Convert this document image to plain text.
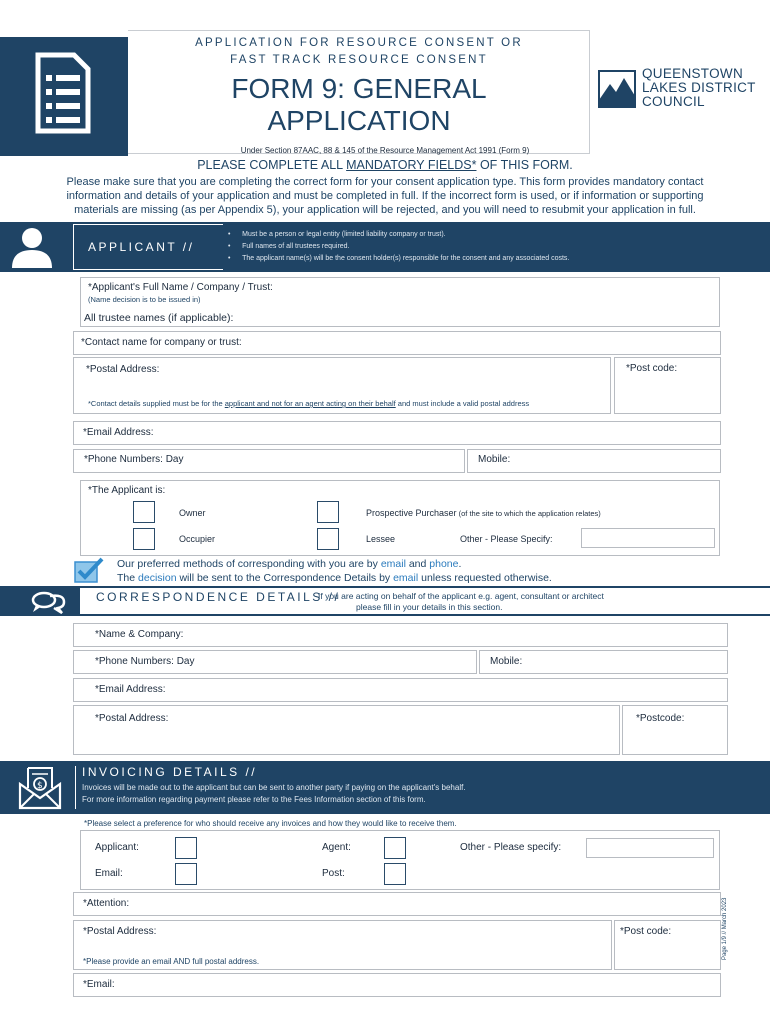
APPLICATION FOR RESOURCE CONSENT OR
FAST TRACK RESOURCE CONSENT
FORM 9: GENERAL
APPLICATION
QUEENSTOWN
LAKES DISTRICT
COUNCIL
Under Section 87AAC, 88 & 145 of the Resource Management Act 1991 (Form 9)
PLEASE COMPLETE ALL MANDATORY FIELDS* OF THIS FORM.
Please make sure that you are completing the correct form for your consent application type. This form provides mandatory contact
information and details of your application and must be completed in full. If the incorrect form is used, or if information or supporting
materials are missing (as per Appendix 5), your application will be rejected, and you will need to resubmit your application in full.
APPLICANT //
•      Must be a person or legal entity (limited liability company or trust).
•      Full names of all trustees required.
•      The applicant name(s) will be the consent holder(s) responsible for the consent and any associated costs.
*Applicant's Full Name / Company / Trust:
(Name decision is to be issued in)
All trustee names (if applicable):
*Contact name for company or trust:
*Postal Address:
*Contact details supplied must be for the applicant and not for an agent acting on their behalf and must include a valid postal address
*Post code:
*Email Address:
*Phone Numbers: Day	Mobile:
*The Applicant is:
Owner	Prospective Purchaser (of the site to which the application relates)
Occupier	Lessee	Other - Please Specify:
Our preferred methods of corresponding with you are by email and phone.
The decision will be sent to the Correspondence Details by email unless requested otherwise.
CORRESPONDENCE DETAILS //
If you are acting on behalf of the applicant e.g. agent, consultant or architect
please fill in your details in this section.
*Name & Company:
*Phone Numbers: Day	Mobile:
*Email Address:
*Postal Address:	*Postcode:
$
INVOICING DETAILS //
Invoices will be made out to the applicant but can be sent to another party if paying on the applicant's behalf.
For more information regarding payment please refer to the Fees Information section of this form.
*Please select a preference for who should receive any invoices and how they would like to receive them.
Applicant:	Agent:	Other - Please specify:
Email:	Post:
*Attention:
*Postal Address:
*Please provide an email AND full postal address.
*Post code:
*Email:
Page 1/9 // March 2023
